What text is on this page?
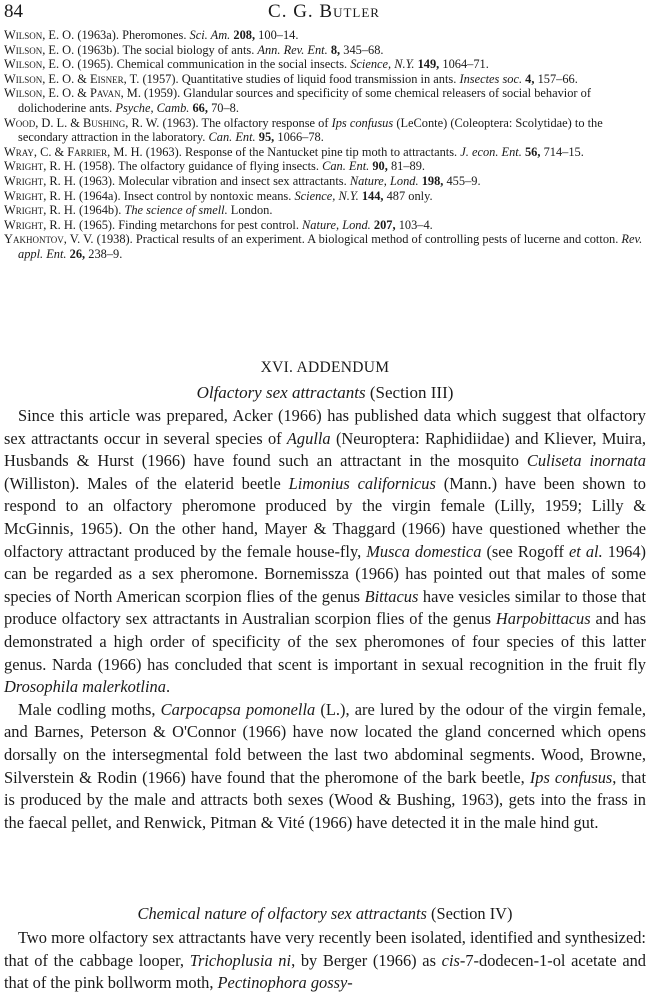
84	C. G. Butler

Wilson, E. O. (1963a). Pheromones. Sci. Am. 208, 100–14.

Wilson, E. O. (1963b). The social biology of ants. Ann. Rev. Ent. 8, 345–68.

Wilson, E. O. (1965). Chemical communication in the social insects. Science, N.Y. 149, 1064–71.

Wilson, E. O. & Eisner, T. (1957). Quantitative studies of liquid food transmission in ants. Insectes soc. 4, 157–66.

Wilson, E. O. & Pavan, M. (1959). Glandular sources and specificity of some chemical releasers of social behavior of dolichoderine ants. Psyche, Camb. 66, 70–8.

Wood, D. L. & Bushing, R. W. (1963). The olfactory response of Ips confusus (LeConte) (Coleoptera: Scolytidae) to the secondary attraction in the laboratory. Can. Ent. 95, 1066–78.

Wray, C. & Farrier, M. H. (1963). Response of the Nantucket pine tip moth to attractants. J. econ. Ent. 56, 714–15.

Wright, R. H. (1958). The olfactory guidance of flying insects. Can. Ent. 90, 81–89.

Wright, R. H. (1963). Molecular vibration and insect sex attractants. Nature, Lond. 198, 455–9.

Wright, R. H. (1964a). Insect control by nontoxic means. Science, N.Y. 144, 487 only.

Wright, R. H. (1964b). The science of smell. London.

Wright, R. H. (1965). Finding metarchons for pest control. Nature, Lond. 207, 103–4.

Yakhontov, V. V. (1938). Practical results of an experiment. A biological method of controlling pests of lucerne and cotton. Rev. appl. Ent. 26, 238–9.

XVI. ADDENDUM
Olfactory sex attractants (Section III)

Since this article was prepared, Acker (1966) has published data which suggest that olfactory sex attractants occur in several species of Agulla (Neuroptera: Raphidiidae) and Kliever, Muira, Husbands & Hurst (1966) have found such an attractant in the mosquito Culiseta inornata (Williston). Males of the elaterid beetle Limonius californicus (Mann.) have been shown to respond to an olfactory pheromone produced by the virgin female (Lilly, 1959; Lilly & McGinnis, 1965). On the other hand, Mayer & Thaggard (1966) have questioned whether the olfactory attractant produced by the female house-fly, Musca domestica (see Rogoff et al. 1964) can be regarded as a sex pheromone. Bornemissza (1966) has pointed out that males of some species of North American scorpion flies of the genus Bittacus have vesicles similar to those that produce olfactory sex attractants in Australian scorpion flies of the genus Harpobittacus and has demonstrated a high order of specificity of the sex pheromones of four species of this latter genus. Narda (1966) has concluded that scent is important in sexual recognition in the fruit fly Drosophila malerkotlina.

Male codling moths, Carpocapsa pomonella (L.), are lured by the odour of the virgin female, and Barnes, Peterson & O'Connor (1966) have now located the gland concerned which opens dorsally on the intersegmental fold between the last two abdominal segments. Wood, Browne, Silverstein & Rodin (1966) have found that the pheromone of the bark beetle, Ips confusus, that is produced by the male and attracts both sexes (Wood & Bushing, 1963), gets into the frass in the faecal pellet, and Renwick, Pitman & Vité (1966) have detected it in the male hind gut.

Chemical nature of olfactory sex attractants (Section IV)

Two more olfactory sex attractants have very recently been isolated, identified and synthesized: that of the cabbage looper, Trichoplusia ni, by Berger (1966) as cis-7-dodecen-1-ol acetate and that of the pink bollworm moth, Pectinophora gossy-
